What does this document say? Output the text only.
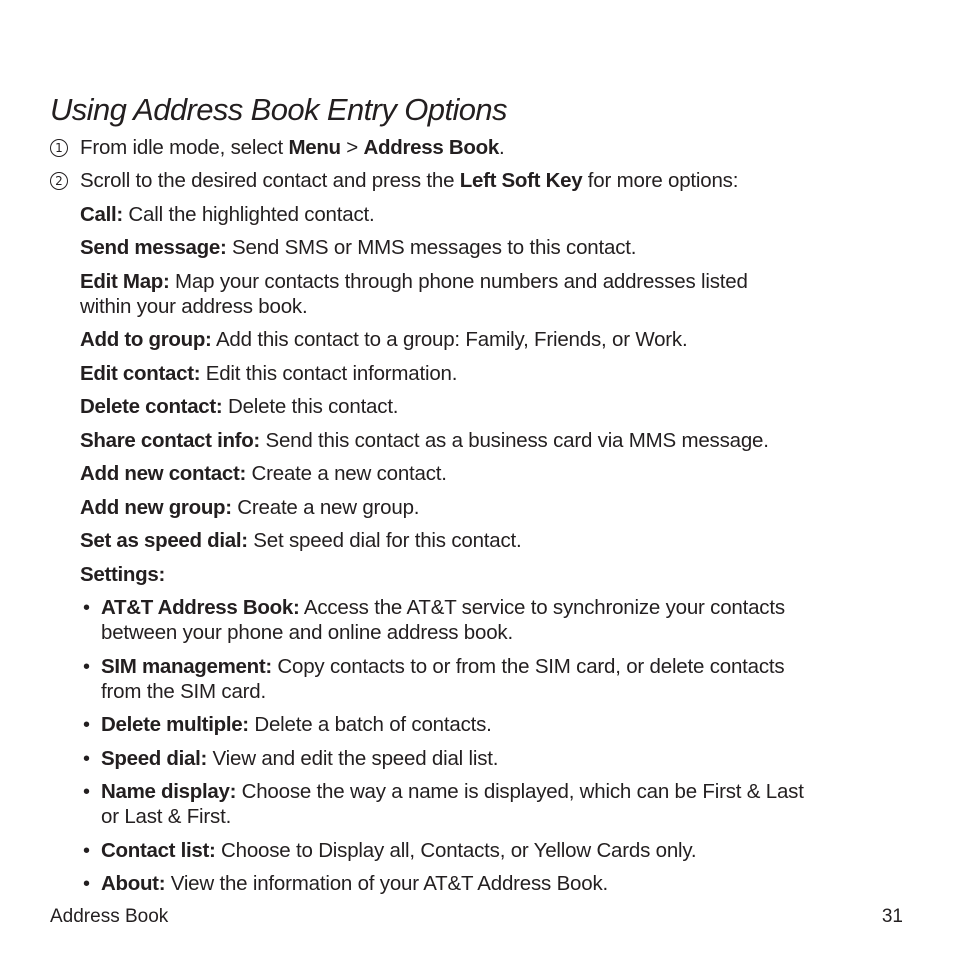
Using Address Book Entry Options
1 From idle mode, select Menu > Address Book.
2 Scroll to the desired contact and press the Left Soft Key for more options:
Call: Call the highlighted contact.
Send message: Send SMS or MMS messages to this contact.
Edit Map: Map your contacts through phone numbers and addresses listed
within your address book.
Add to group: Add this contact to a group: Family, Friends, or Work.
Edit contact: Edit this contact information.
Delete contact: Delete this contact.
Share contact info: Send this contact as a business card via MMS message.
Add new contact: Create a new contact.
Add new group: Create a new group.
Set as speed dial: Set speed dial for this contact.
Settings:
• AT&T Address Book: Access the AT&T service to synchronize your contacts
between your phone and online address book.
• SIM management: Copy contacts to or from the SIM card, or delete contacts
from the SIM card.
• Delete multiple: Delete a batch of contacts.
• Speed dial: View and edit the speed dial list.
• Name display: Choose the way a name is displayed, which can be First & Last
or Last & First.
• Contact list: Choose to Display all, Contacts, or Yellow Cards only.
• About: View the information of your AT&T Address Book.
Address Book	31
